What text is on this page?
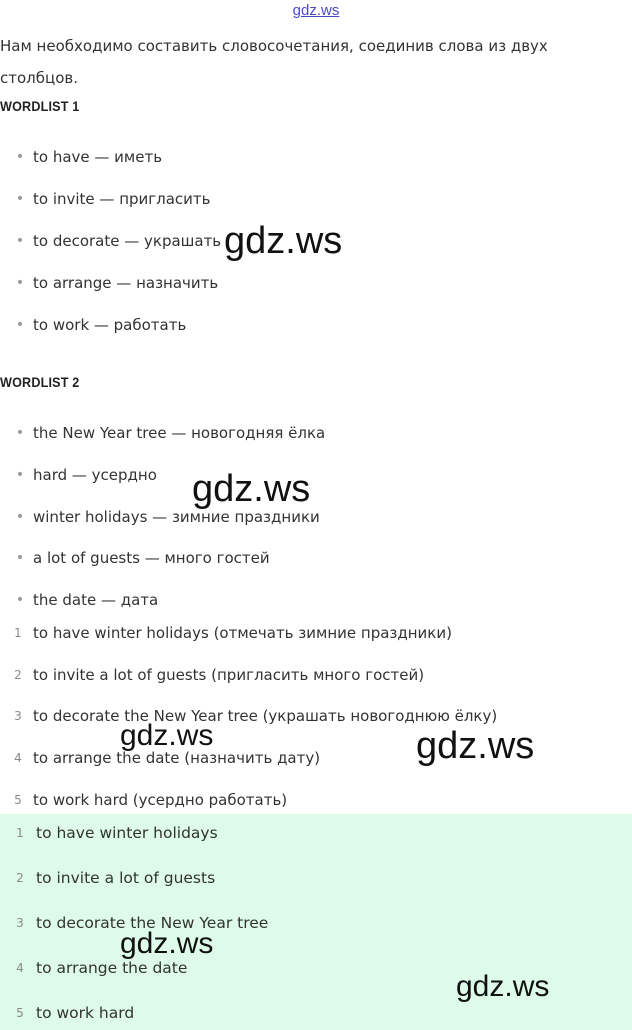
gdz.ws
Нам необходимо составить словосочетания, соединив слова из двух столбцов.
WORDLIST 1
• to have — иметь
• to invite — пригласить
• to decorate — украшать
• to arrange — назначить
• to work — работать
WORDLIST 2
• the New Year tree — новогодняя ёлка
• hard — усердно
• winter holidays — зимние праздники
• a lot of guests — много гостей
• the date — дата
1 to have winter holidays (отмечать зимние праздники)
2 to invite a lot of guests (пригласить много гостей)
3 to decorate the New Year tree (украшать новогоднюю ёлку)
4 to arrange the date (назначить дату)
5 to work hard (усердно работать)
1 to have winter holidays
2 to invite a lot of guests
3 to decorate the New Year tree
4 to arrange the date
5 to work hard
gdz.ws
gdz.ws
gdz.ws	gdz.ws
gdz.ws
gdz.ws
